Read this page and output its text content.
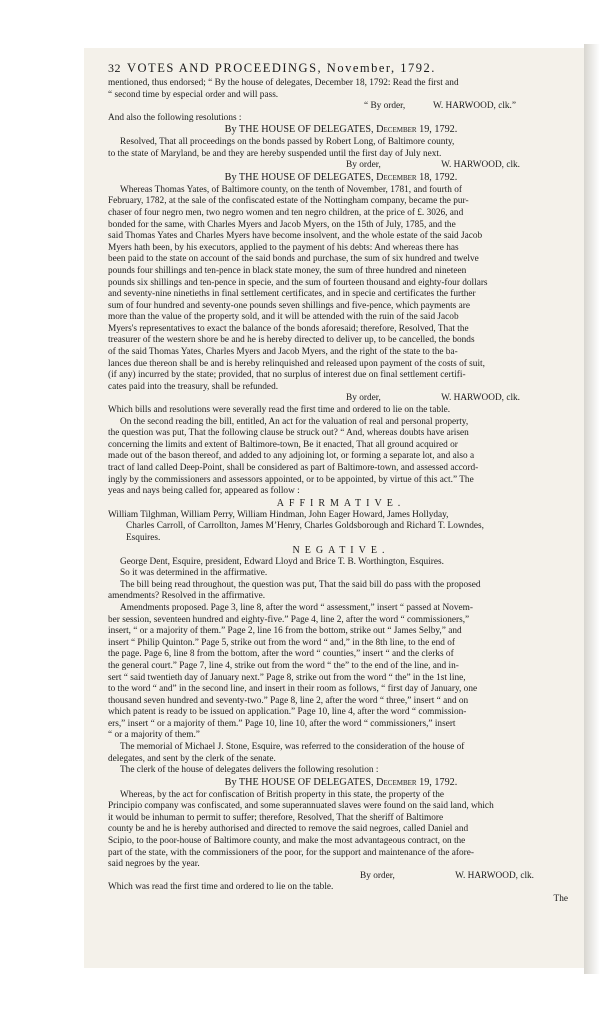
32 VOTES AND PROCEEDINGS, November, 1792.
mentioned, thus endorsed; “ By the house of delegates, December 18, 1792: Read the first and
“ second time by especial order and will pass.
“ By order,	W. HARWOOD, clk.”
And also the following resolutions :
By THE HOUSE OF DELEGATES, December 19, 1792.
Resolved, That all proceedings on the bonds passed by Robert Long, of Baltimore county,
to the state of Maryland, be and they are hereby suspended until the first day of July next.
By order,	W. HARWOOD, clk.
By THE HOUSE OF DELEGATES, December 18, 1792.
Whereas Thomas Yates, of Baltimore county, on the tenth of November, 1781, and fourth of
February, 1782, at the sale of the confiscated estate of the Nottingham company, became the pur-
chaser of four negro men, two negro women and ten negro children, at the price of £. 3026, and
bonded for the same, with Charles Myers and Jacob Myers, on the 15th of July, 1785, and the
said Thomas Yates and Charles Myers have become insolvent, and the whole estate of the said Jacob
Myers hath been, by his executors, applied to the payment of his debts: And whereas there has
been paid to the state on account of the said bonds and purchase, the sum of six hundred and twelve
pounds four shillings and ten-pence in black state money, the sum of three hundred and nineteen
pounds six shillings and ten-pence in specie, and the sum of fourteen thousand and eighty-four dollars
and seventy-nine ninetieths in final settlement certificates, and in specie and certificates the further
sum of four hundred and seventy-one pounds seven shillings and five-pence, which payments are
more than the value of the property sold, and it will be attended with the ruin of the said Jacob
Myers's representatives to exact the balance of the bonds aforesaid; therefore, Resolved, That the
treasurer of the western shore be and he is hereby directed to deliver up, to be cancelled, the bonds
of the said Thomas Yates, Charles Myers and Jacob Myers, and the right of the state to the ba-
lances due thereon shall be and is hereby relinquished and released upon payment of the costs of suit,
(if any) incurred by the state; provided, that no surplus of interest due on final settlement certifi-
cates paid into the treasury, shall be refunded.
By order,	W. HARWOOD, clk.
Which bills and resolutions were severally read the first time and ordered to lie on the table.
On the second reading the bill, entitled, An act for the valuation of real and personal property,
the question was put, That the following clause be struck out? “ And, whereas doubts have arisen
concerning the limits and extent of Baltimore-town, Be it enacted, That all ground acquired or
made out of the bason thereof, and added to any adjoining lot, or forming a separate lot, and also a
tract of land called Deep-Point, shall be considered as part of Baltimore-town, and assessed accord-
ingly by the commissioners and assessors appointed, or to be appointed, by virtue of this act.” The
yeas and nays being called for, appeared as follow :
AFFIRMATIVE.
William Tilghman, William Perry, William Hindman, John Eager Howard, James Hollyday,
Charles Carroll, of Carrollton, James M’Henry, Charles Goldsborough and Richard T. Lowndes,
Esquires.
NEGATIVE.
George Dent, Esquire, president, Edward Lloyd and Brice T. B. Worthington, Esquires.
So it was determined in the affirmative.
The bill being read throughout, the question was put, That the said bill do pass with the proposed
amendments? Resolved in the affirmative.
Amendments proposed. Page 3, line 8, after the word “ assessment,” insert “ passed at Novem-
ber session, seventeen hundred and eighty-five.” Page 4, line 2, after the word “ commissioners,”
insert, “ or a majority of them.” Page 2, line 16 from the bottom, strike out “ James Selby,” and
insert “ Philip Quinton.” Page 5, strike out from the word “ and,” in the 8th line, to the end of
the page. Page 6, line 8 from the bottom, after the word “ counties,” insert “ and the clerks of
the general court.” Page 7, line 4, strike out from the word “ the” to the end of the line, and in-
sert “ said twentieth day of January next.” Page 8, strike out from the word “ the” in the 1st line,
to the word “ and” in the second line, and insert in their room as follows, “ first day of January, one
thousand seven hundred and seventy-two.” Page 8, line 2, after the word “ three,” insert “ and on
which patent is ready to be issued on application.” Page 10, line 4, after the word “ commission-
ers,” insert “ or a majority of them.” Page 10, line 10, after the word “ commissioners,” insert
“ or a majority of them.”
The memorial of Michael J. Stone, Esquire, was referred to the consideration of the house of
delegates, and sent by the clerk of the senate.
The clerk of the house of delegates delivers the following resolution :
By THE HOUSE OF DELEGATES, December 19, 1792.
Whereas, by the act for confiscation of British property in this state, the property of the
Principio company was confiscated, and some superannuated slaves were found on the said land, which
it would be inhuman to permit to suffer; therefore, Resolved, That the sheriff of Baltimore
county be and he is hereby authorised and directed to remove the said negroes, called Daniel and
Scipio, to the poor-house of Baltimore county, and make the most advantageous contract, on the
part of the state, with the commissioners of the poor, for the support and maintenance of the afore-
said negroes by the year.
By order,	W. HARWOOD, clk.
Which was read the first time and ordered to lie on the table.
The
